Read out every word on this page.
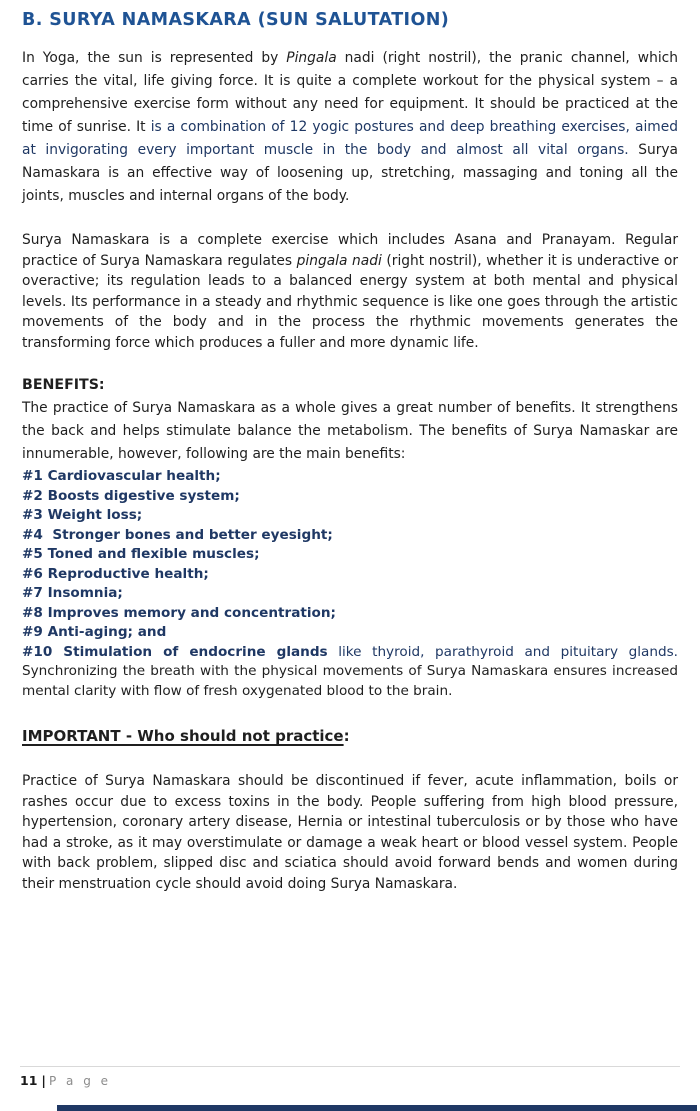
B. SURYA NAMASKARA (SUN SALUTATION)

In Yoga, the sun is represented by Pingala nadi (right nostril), the pranic channel, which carries the vital, life giving force. It is quite a complete workout for the physical system – a comprehensive exercise form without any need for equipment. It should be practiced at the time of sunrise. It is a combination of 12 yogic postures and deep breathing exercises, aimed at invigorating every important muscle in the body and almost all vital organs. Surya Namaskara is an effective way of loosening up, stretching, massaging and toning all the joints, muscles and internal organs of the body.

Surya Namaskara is a complete exercise which includes Asana and Pranayam. Regular practice of Surya Namaskara regulates pingala nadi (right nostril), whether it is underactive or overactive; its regulation leads to a balanced energy system at both mental and physical levels. Its performance in a steady and rhythmic sequence is like one goes through the artistic movements of the body and in the process the rhythmic movements generates the transforming force which produces a fuller and more dynamic life.

BENEFITS:

The practice of Surya Namaskara as a whole gives a great number of benefits. It strengthens the back and helps stimulate balance the metabolism. The benefits of Surya Namaskar are innumerable, however, following are the main benefits:

#1 Cardiovascular health;
#2 Boosts digestive system;
#3 Weight loss;
#4  Stronger bones and better eyesight;
#5 Toned and flexible muscles;
#6 Reproductive health;
#7 Insomnia;
#8 Improves memory and concentration;
#9 Anti-aging; and

#10 Stimulation of endocrine glands like thyroid, parathyroid and pituitary glands. Synchronizing the breath with the physical movements of Surya Namaskara ensures increased mental clarity with flow of fresh oxygenated blood to the brain.

IMPORTANT - Who should not practice:

Practice of Surya Namaskara should be discontinued if fever, acute inflammation, boils or rashes occur due to excess toxins in the body. People suffering from high blood pressure, hypertension, coronary artery disease, Hernia or intestinal tuberculosis or by those who have had a stroke, as it may overstimulate or damage a weak heart or blood vessel system. People with back problem, slipped disc and sciatica should avoid forward bends and women during their menstruation cycle should avoid doing Surya Namaskara.

11 | P a g e
